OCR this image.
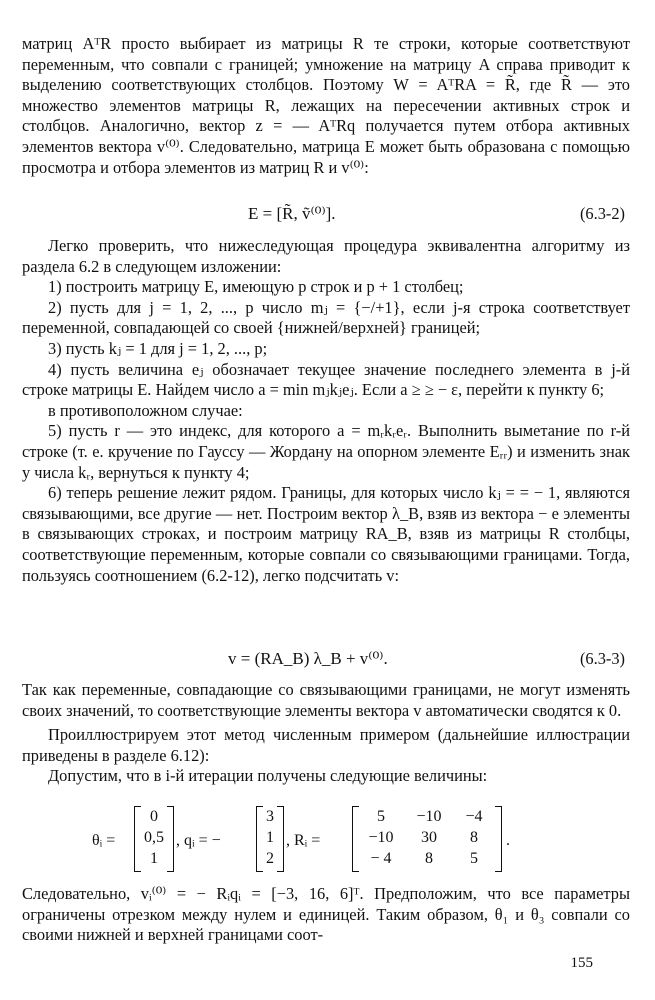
матриц AᵀR просто выбирает из матрицы R те строки, которые соответствуют переменным, что совпали с границей; умножение на матрицу A справа приводит к выделению соответствующих столбцов. Поэтому W = AᵀRA = R̃, где R̃ — это множество элементов матрицы R, лежащих на пересечении активных строк и столбцов. Аналогично, вектор z = — AᵀRq получается путем отбора активных элементов вектора v⁽⁰⁾. Следовательно, матрица E может быть образована с помощью просмотра и отбора элементов из матриц R и v⁽⁰⁾:

E = [R̃, ṽ⁽⁰⁾].	(6.3-2)

Легко проверить, что нижеследующая процедура эквивалентна алгоритму из раздела 6.2 в следующем изложении:

1) построить матрицу E, имеющую p строк и p + 1 столбец;

2) пусть для j = 1, 2, ..., p число mⱼ = {−/+1}, если j-я строка соответствует переменной, совпадающей со своей {нижней/верхней} границей;

3) пусть kⱼ = 1 для j = 1, 2, ..., p;

4) пусть величина eⱼ обозначает текущее значение последнего элемента в j-й строке матрицы E. Найдем число a = min mⱼkⱼeⱼ. Если a ≥ ≥ − ε, перейти к пункту 6;

в противоположном случае:

5) пусть r — это индекс, для которого a = mᵣkᵣeᵣ. Выполнить выметание по r-й строке (т. е. кручение по Гауссу — Жордану на опорном элементе Eᵣᵣ) и изменить знак у числа kᵣ, вернуться к пункту 4;

6) теперь решение лежит рядом. Границы, для которых число kⱼ = = − 1, являются связывающими, все другие — нет. Построим вектор λ_B, взяв из вектора − e элементы в связывающих строках, и построим матрицу RA_B, взяв из матрицы R столбцы, соответствующие переменным, которые совпали со связывающими границами. Тогда, пользуясь соотношением (6.2-12), легко подсчитать v:

v = (RA_B) λ_B + v⁽⁰⁾.	(6.3-3)

Так как переменные, совпадающие со связывающими границами, не могут изменять своих значений, то соответствующие элементы вектора v автоматически сводятся к 0.

Проиллюстрируем этот метод численным примером (дальнейшие иллюстрации приведены в разделе 6.12):

Допустим, что в i-й итерации получены следующие величины:

θᵢ =
0
0,5
1
, qᵢ = −
3
1
2
, Rᵢ =
5	−10	−4
−10	30	8
− 4	8	5
.

Следовательно, vᵢ⁽⁰⁾ = − Rᵢqᵢ = [−3, 16, 6]ᵀ. Предположим, что все параметры ограничены отрезком между нулем и единицей. Таким образом, θ₁ и θ₃ совпали со своими нижней и верхней границами соот-

155
